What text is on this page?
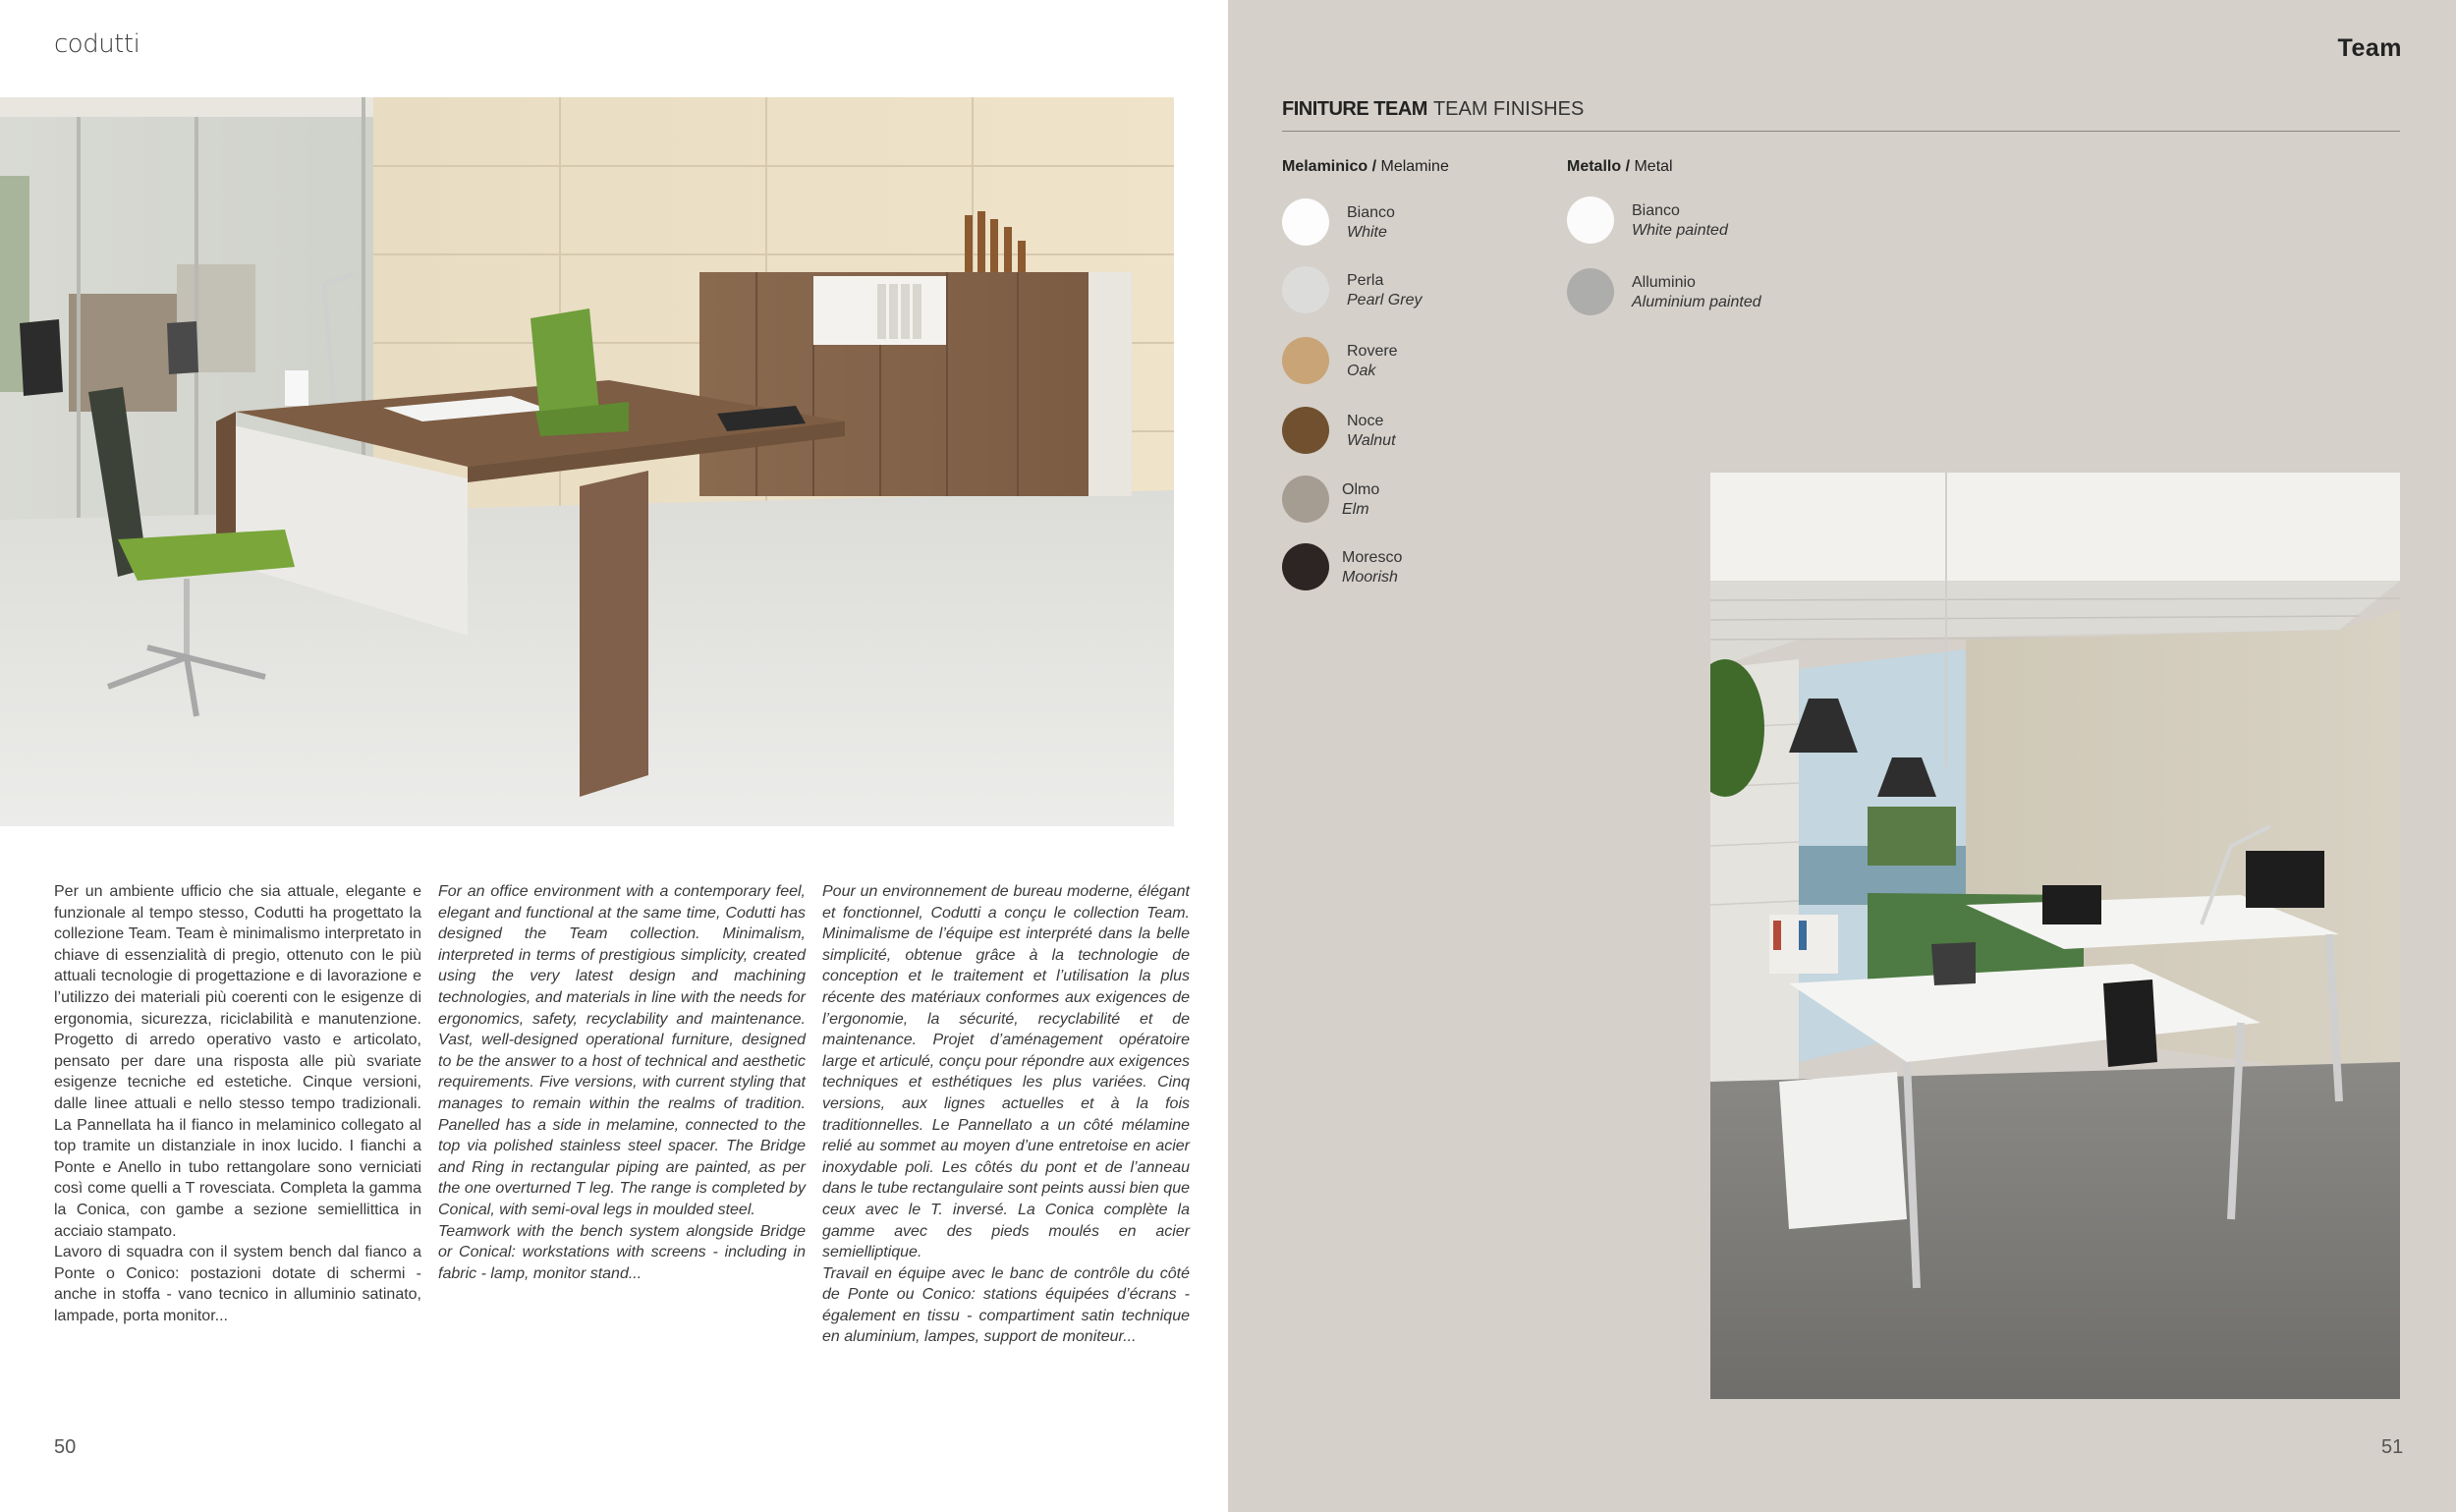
codutti

Per un ambiente ufficio che sia attuale, elegante e funzionale al tempo stesso, Codutti ha progettato la collezione Team. Team è minimalismo interpretato in chiave di essenzialità di pregio, ottenuto con le più attuali tecnologie di progettazione e di lavorazione e l’utilizzo dei materiali più coerenti con le esigenze di ergonomia, sicurezza, riciclabilità e manutenzione. Progetto di arredo operativo vasto e articolato, pensato per dare una risposta alle più svariate esigenze tecniche ed estetiche. Cinque versioni, dalle linee attuali e nello stesso tempo tradizionali. La Pannellata ha il fianco in melaminico collegato al top tramite un distanziale in inox lucido. I fianchi a Ponte e Anello in tubo rettangolare sono verniciati così come quelli a T rovesciata. Completa la gamma la Conica, con gambe a sezione semiellittica in acciaio stampato.

Lavoro di squadra con il system bench dal fianco a Ponte o Conico: postazioni dotate di schermi - anche in stoffa - vano tecnico in alluminio satinato, lampade, porta monitor...

For an office environment with a contemporary feel, elegant and functional at the same time, Codutti has designed the Team collection. Minimalism, interpreted in terms of prestigious simplicity, created using the very latest design and machining technologies, and materials in line with the needs for ergonomics, safety, recyclability and maintenance. Vast, well-designed operational furniture, designed to be the answer to a host of technical and aesthetic requirements. Five versions, with current styling that manages to remain within the realms of tradition. Panelled has a side in melamine, connected to the top via polished stainless steel spacer. The Bridge and Ring in rectangular piping are painted, as per the one overturned T leg. The range is completed by Conical, with semi-oval legs in moulded steel.

Teamwork with the bench system alongside Bridge or Conical: workstations with screens - including in fabric - lamp, monitor stand...

Pour un environnement de bureau moderne, élégant et fonctionnel, Codutti a conçu le collection Team. Minimalisme de l’équipe est interprété dans la belle simplicité, obtenue grâce à la technologie de conception et le traitement et l’utilisation la plus récente des matériaux conformes aux exigences de l’ergonomie, la sécurité, recyclabilité et de maintenance. Projet d’aménagement opératoire large et articulé, conçu pour répondre aux exigences techniques et esthétiques les plus variées. Cinq versions, aux lignes actuelles et à la fois traditionnelles. Le Pannellato a un côté mélamine relié au sommet au moyen d’une entretoise en acier inoxydable poli. Les côtés du pont et de l’anneau dans le tube rectangulaire sont peints aussi bien que ceux avec le T. inversé. La Conica complète la gamme avec des pieds moulés en acier semielliptique.

Travail en équipe avec le banc de contrôle du côté de Ponte ou Conico: stations équipées d’écrans - également en tissu - compartiment satin technique en aluminium, lampes, support de moniteur...

50
Team
FINITURE TEAM TEAM FINISHES
Melaminico / Melamine
Bianco
White
Perla
Pearl Grey
Rovere
Oak
Noce
Walnut
Olmo
Elm
Moresco
Moorish
Metallo / Metal
Bianco
White painted
Alluminio
Aluminium painted
51
